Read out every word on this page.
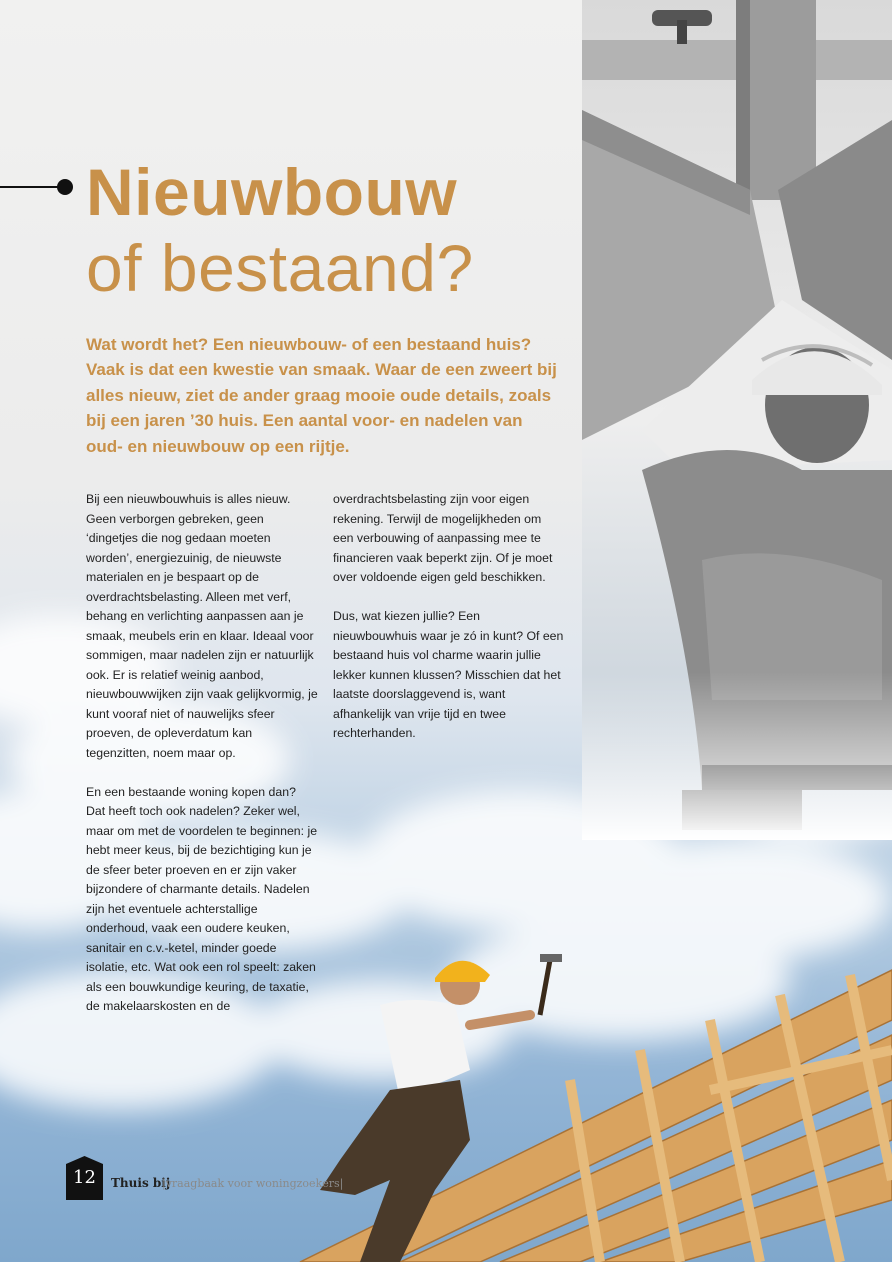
Nieuwbouw
of bestaand?

Wat wordt het? Een nieuwbouw- of een bestaand huis? Vaak is dat een kwestie van smaak. Waar de een zweert bij alles nieuw, ziet de ander graag mooie oude details, zoals bij een jaren ’30 huis. Een aantal voor- en nadelen van oud- en nieuwbouw op een rijtje.

Bij een nieuwbouwhuis is alles nieuw. Geen verborgen gebreken, geen ‘dingetjes die nog gedaan moeten worden’, energiezuinig, de nieuwste materialen en je bespaart op de overdrachtsbelasting. Alleen met verf, behang en verlichting aanpassen aan je smaak, meubels erin en klaar. Ideaal voor sommigen, maar nadelen zijn er natuurlijk ook. Er is relatief weinig aanbod, nieuwbouwwijken zijn vaak gelijkvormig, je kunt vooraf niet of nauwelijks sfeer proeven, de opleverdatum kan tegenzitten, noem maar op.

En een bestaande woning kopen dan? Dat heeft toch ook nadelen? Zeker wel, maar om met de voordelen te beginnen: je hebt meer keus, bij de bezichtiging kun je de sfeer beter proeven en er zijn vaker bijzondere of charmante details. Nadelen zijn het eventuele achterstallige onderhoud, vaak een oudere keuken, sanitair en c.v.-ketel, minder goede isolatie, etc. Wat ook een rol speelt: zaken als een bouwkundige keuring, de taxatie, de makelaarskosten en de

overdrachtsbelasting zijn voor eigen rekening. Terwijl de mogelijkheden om een verbouwing of aanpassing mee te financieren vaak beperkt zijn. Of je moet over voldoende eigen geld beschikken.

Dus, wat kiezen jullie? Een nieuwbouwhuis waar je zó in kunt? Of een bestaand huis vol charme waarin jullie lekker kunnen klussen? Misschien dat het laatste doorslaggevend is, want afhankelijk van vrije tijd en twee rechterhanden.

12	Thuis bij
|vraagbaak voor woningzoekers|
